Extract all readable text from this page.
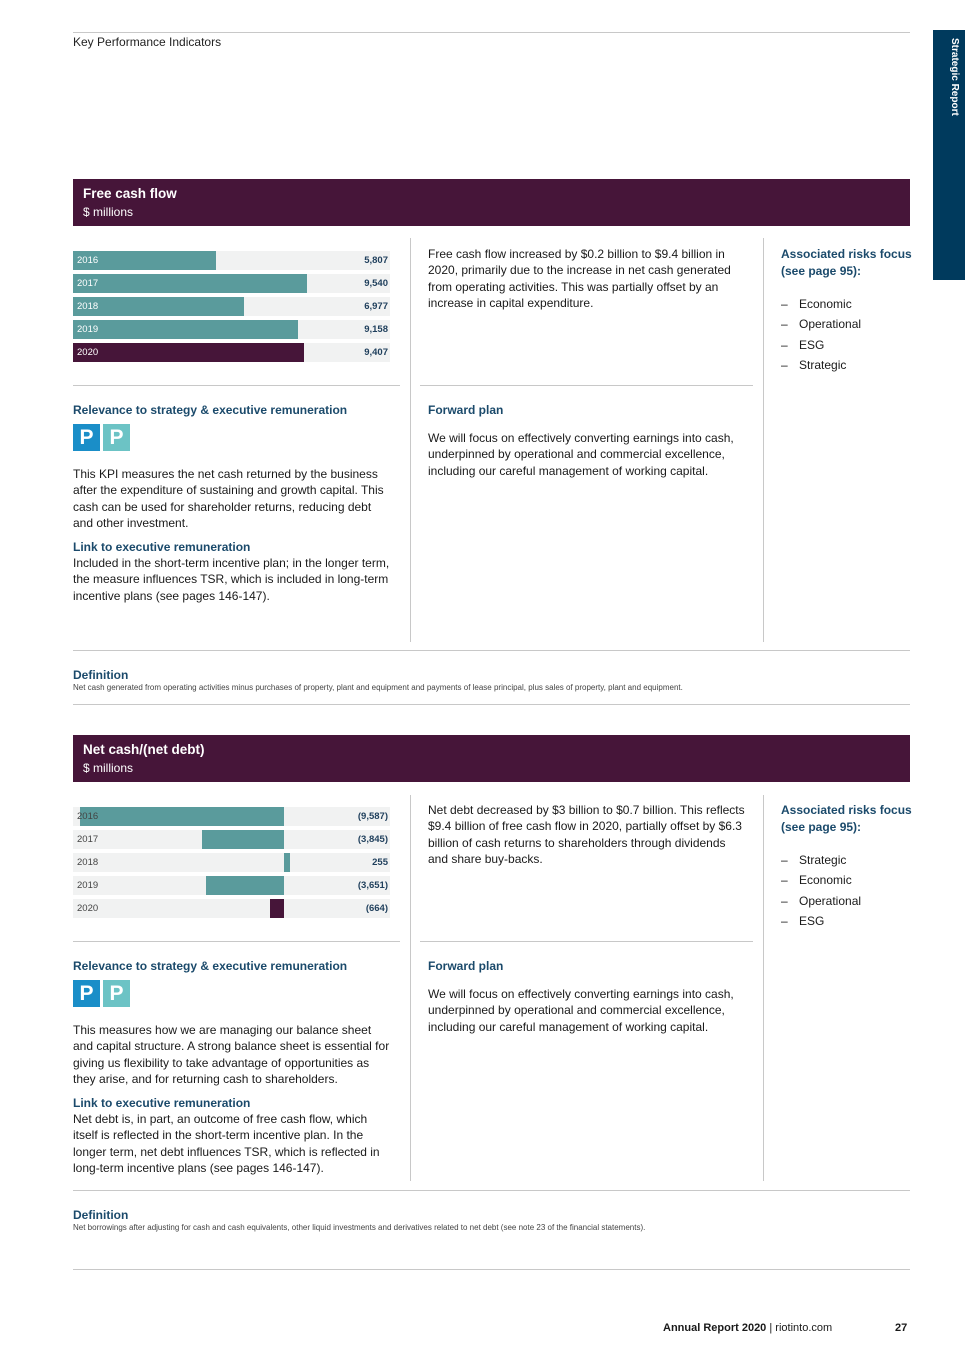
Key Performance Indicators	Strategic Report
Free cash flow
$ millions
2016	5,807
2017	9,540
2018	6,977
2019	9,158
2020	9,407
Free cash flow increased by $0.2 billion to $9.4 billion in 2020, primarily due to the increase in net cash generated from operating activities. This was partially offset by an increase in capital expenditure.
Associated risks focus (see page 95):
– Economic
– Operational
– ESG
– Strategic
Relevance to strategy & executive remuneration
P P
This KPI measures the net cash returned by the business after the expenditure of sustaining and growth capital. This cash can be used for shareholder returns, reducing debt and other investment.
Link to executive remuneration
Included in the short-term incentive plan; in the longer term, the measure influences TSR, which is included in long-term incentive plans (see pages 146-147).
Forward plan
We will focus on effectively converting earnings into cash, underpinned by operational and commercial excellence, including our careful management of working capital.
Definition
Net cash generated from operating activities minus purchases of property, plant and equipment and payments of lease principal, plus sales of property, plant and equipment.
Net cash/(net debt)
$ millions
2016	(9,587)
2017	(3,845)
2018	255
2019	(3,651)
2020	(664)
Net debt decreased by $3 billion to $0.7 billion. This reflects $9.4 billion of free cash flow in 2020, partially offset by $6.3 billion of cash returns to shareholders through dividends and share buy-backs.
Associated risks focus (see page 95):
– Strategic
– Economic
– Operational
– ESG
Relevance to strategy & executive remuneration
P P
This measures how we are managing our balance sheet and capital structure. A strong balance sheet is essential for giving us flexibility to take advantage of opportunities as they arise, and for returning cash to shareholders.
Link to executive remuneration
Net debt is, in part, an outcome of free cash flow, which itself is reflected in the short-term incentive plan. In the longer term, net debt influences TSR, which is reflected in long-term incentive plans (see pages 146-147).
Forward plan
We will focus on effectively converting earnings into cash, underpinned by operational and commercial excellence, including our careful management of working capital.
Definition
Net borrowings after adjusting for cash and cash equivalents, other liquid investments and derivatives related to net debt (see note 23 of the financial statements).
Annual Report 2020 | riotinto.com	27
